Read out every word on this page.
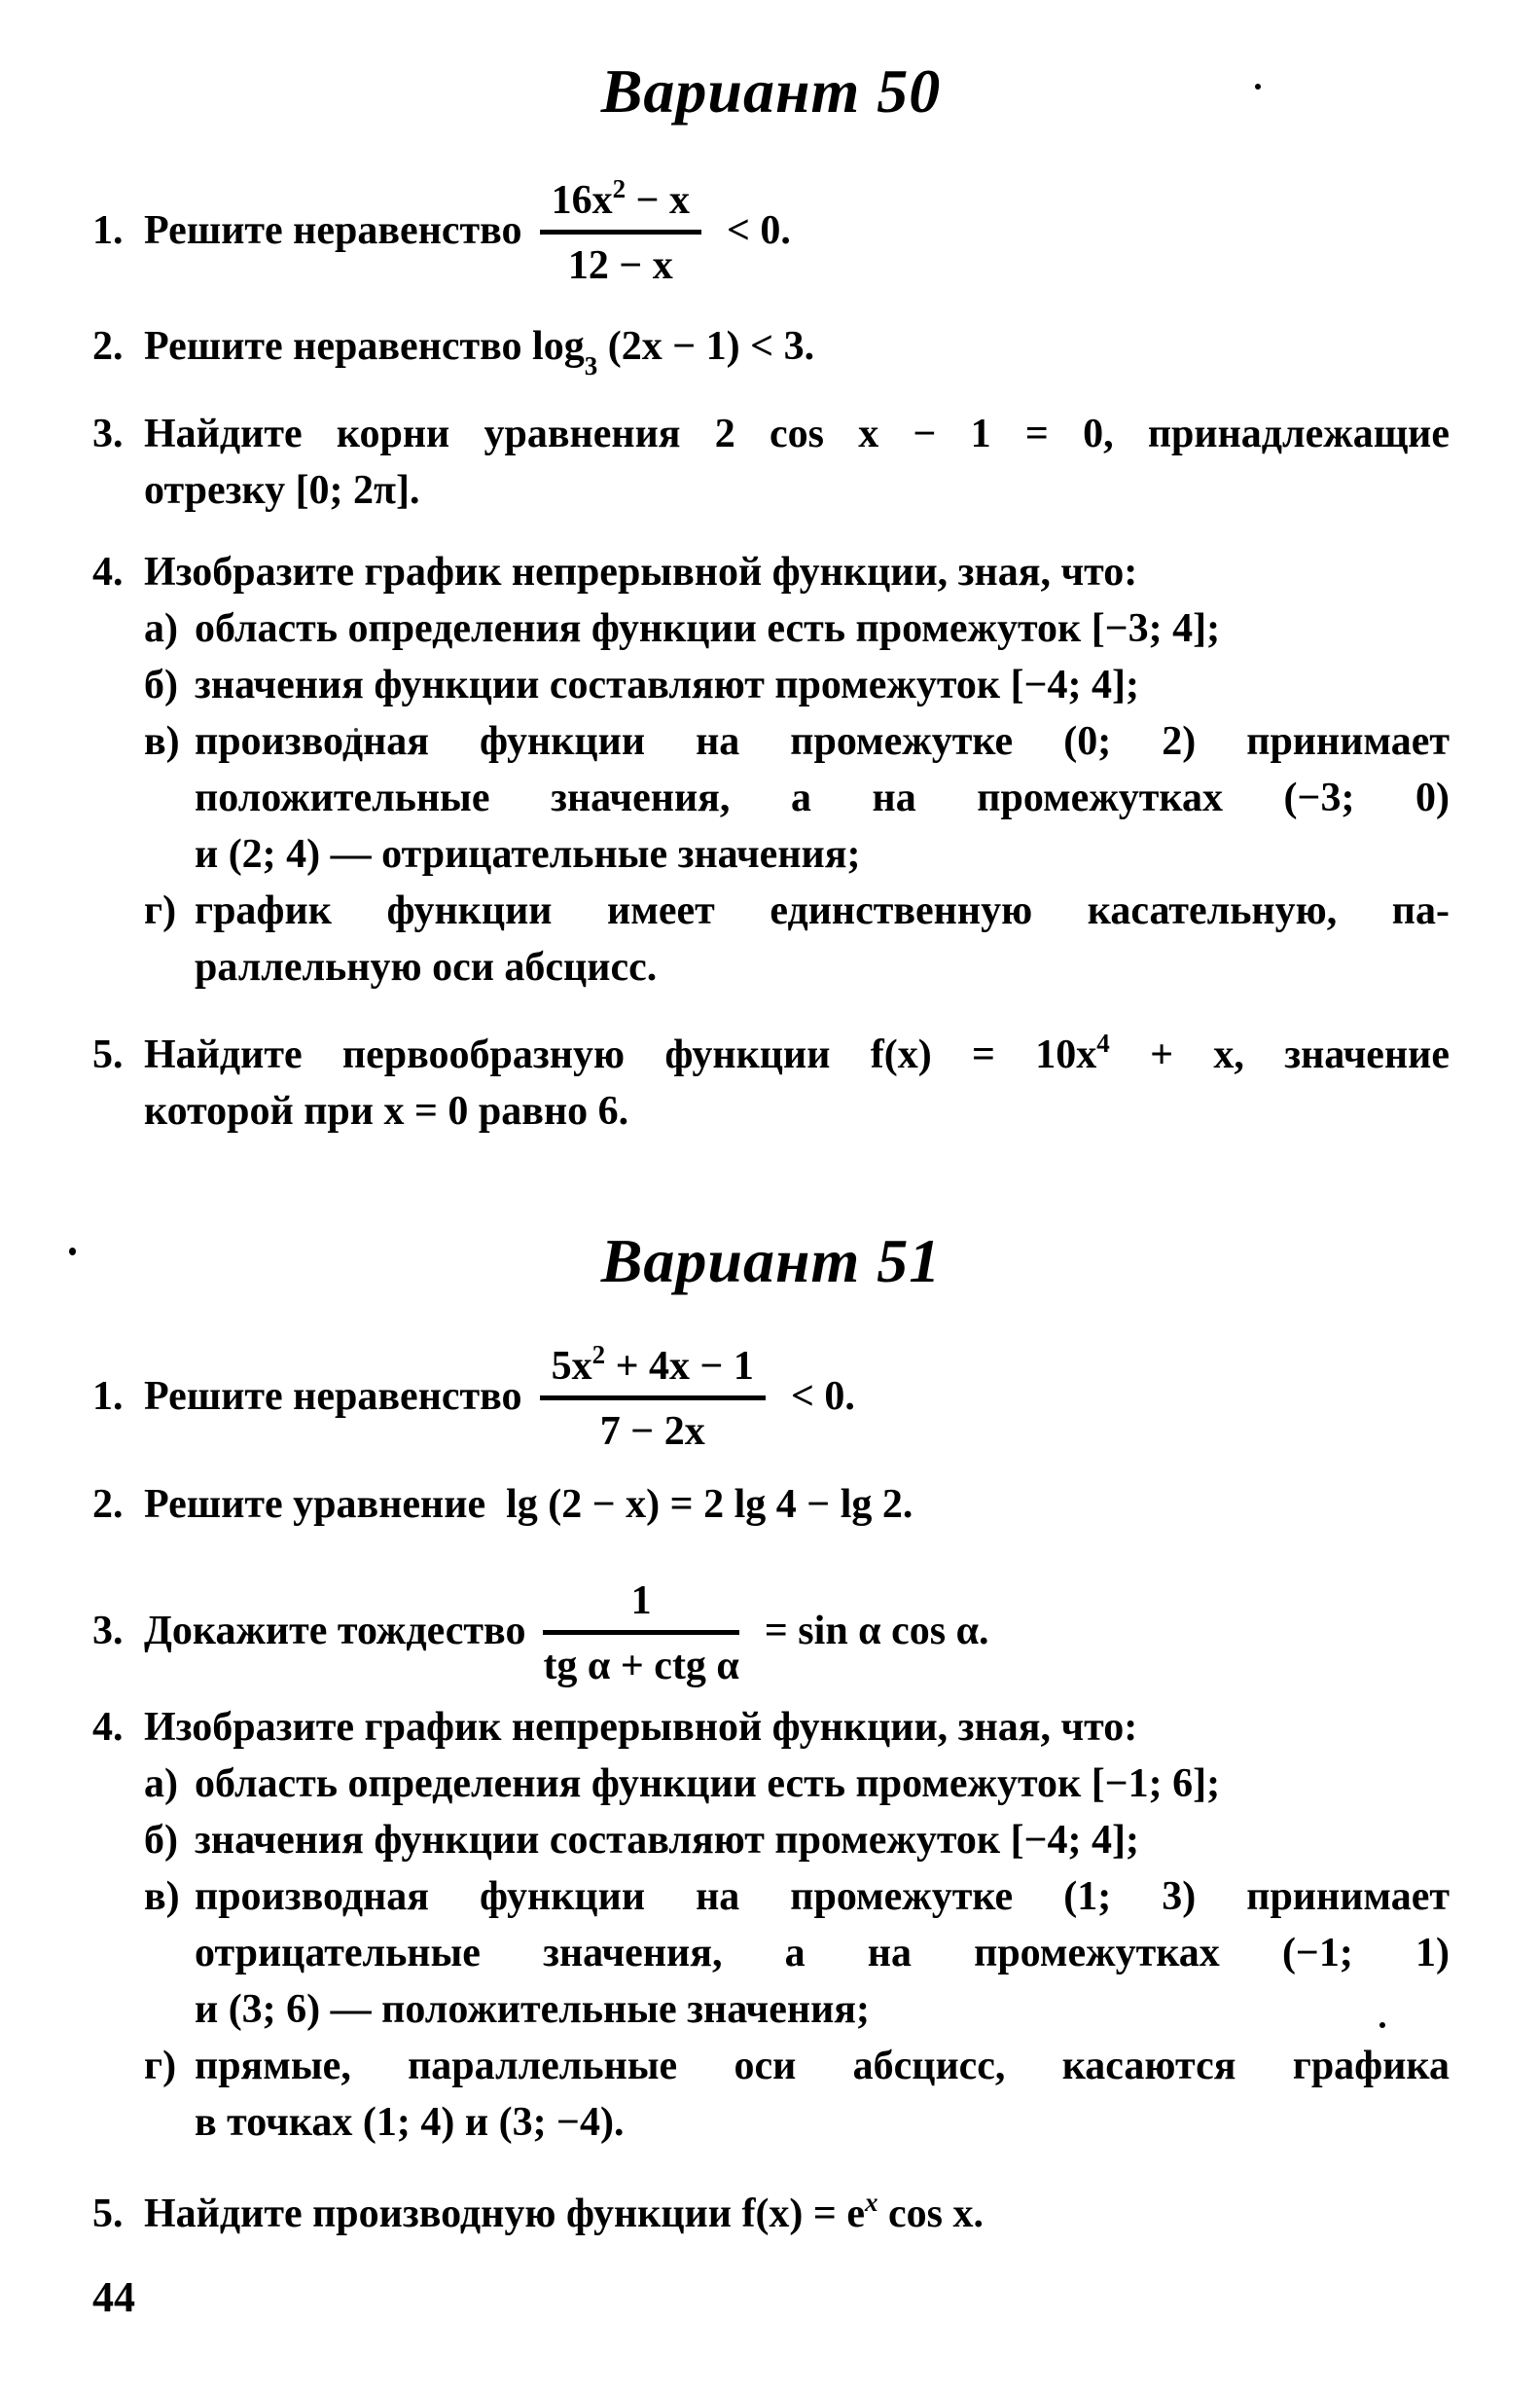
Вариант 50
1. Решите неравенство $\frac{16x^2 - x}{12 - x} < 0$.
2. Решите неравенство $\log_3 (2x - 1) < 3$.
3. Найдите корни уравнения 2 cos x − 1 = 0, принадлежащие
отрезку [0; 2π].
4. Изобразите график непрерывной функции, зная, что:
а) область определения функции есть промежуток [−3; 4];
б) значения функции составляют промежуток [−4; 4];
в) производная функции на промежутке (0; 2) принимает
положительные значения, а на промежутках (−3; 0)
и (2; 4) — отрицательные значения;
г) график функции имеет единственную касательную, па-
раллельную оси абсцисс.
5. Найдите первообразную функции $f(x) = 10x^4 + x$, значение
которой при x = 0 равно 6.
Вариант 51
1. Решите неравенство $\frac{5x^2 + 4x - 1}{7 - 2x} < 0$.
2. Решите уравнение  lg (2 − x) = 2 lg 4 − lg 2.
3. Докажите тождество $\frac{1}{\text{tg α + ctg α}} = \sin \alpha$ cos α.
4. Изобразите график непрерывной функции, зная, что:
а) область определения функции есть промежуток [−1; 6];
б) значения функции составляют промежуток [−4; 4];
в) производная функции на промежутке (1; 3) принимает
отрицательные значения, а на промежутках (−1; 1)
и (3; 6) — положительные значения;
г) прямые, параллельные оси абсцисс, касаются графика
в точках (1; 4) и (3; −4).
5. Найдите производную функции $f(x) = e^x$ cos x.
44
